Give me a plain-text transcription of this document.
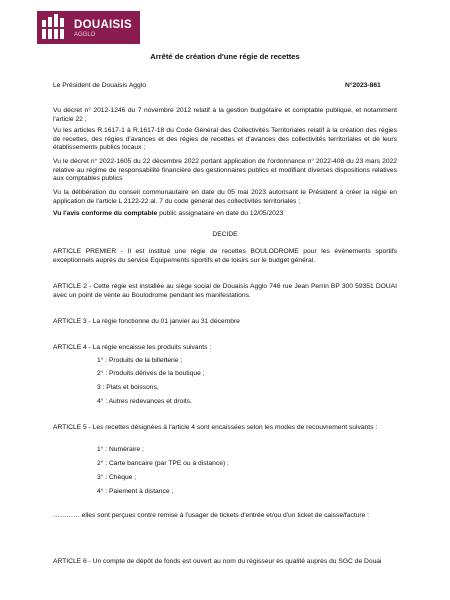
DOUAISIS
AGGLO
Arrêté de création d'une régie de recettes
Le Président de Douaisis Agglo	N°2023-861
Vu décret n° 2012-1246 du 7 novembre 2012 relatif à la gestion budgétaire et comptable publique, et notamment l'article 22 ;
Vu les articles R.1617-1 à R.1617-18 du Code Général des Collectivités Territoriales relatif à la création des régies de recettes, des régies d'avances et des régies de recettes et d'avances des collectivités territoriales et de leurs établissements publics locaux ;
Vu le décret n° 2022-1605 du 22 décembre 2022 portant application de l'ordonnance n° 2022-408 du 23 mars 2022 relative au régime de responsabilité financière des gestionnaires publics et modifiant diverses dispositions relatives aux comptables publics
Vu la délibération du conseil communautaire en date du 05 mai 2023 autorisant le Président à créer la régie en application de l'article L 2122-22 al. 7 du code général des collectivités territoriales ;
Vu l'avis conforme du comptable public assignataire en date du 12/05/2023
DECIDE
ARTICLE PREMIER - Il est institué une régie de recettes BOULODROME pour les évènements sportifs exceptionnels auprès du service Equipements sportifs et de loisirs sur le budget général.
ARTICLE 2 - Cette régie est installée au siège social de Douaisis Agglo 746 rue Jean Perrin BP 300 59351 DOUAI avec un point de vente au Boulodrome pendant les manifestations.
ARTICLE 3 - La régie fonctionne du 01 janvier au 31 décembre
ARTICLE 4 - La régie encaisse les produits suivants :
1° : Produits de la billetterie ;
2° : Produits dérivés de la boutique ;
3 : Plats et boissons,
4° : Autres redevances et droits.
ARTICLE 5 - Les recettes désignées à l'article 4 sont encaissées selon les modes de recouvrement suivants :
1° : Numéraire ;
2° : Carte bancaire (par TPE ou à distance) ;
3° : Chèque ;
4° : Paiement à distance ;
………… elles sont perçues contre remise à l'usager de tickets d'entrée et/ou d'un ticket de caisse/facture :
ARTICLE 6 - Un compte de dépôt de fonds est ouvert au nom du régisseur ès qualité auprès du SGC de Douai
